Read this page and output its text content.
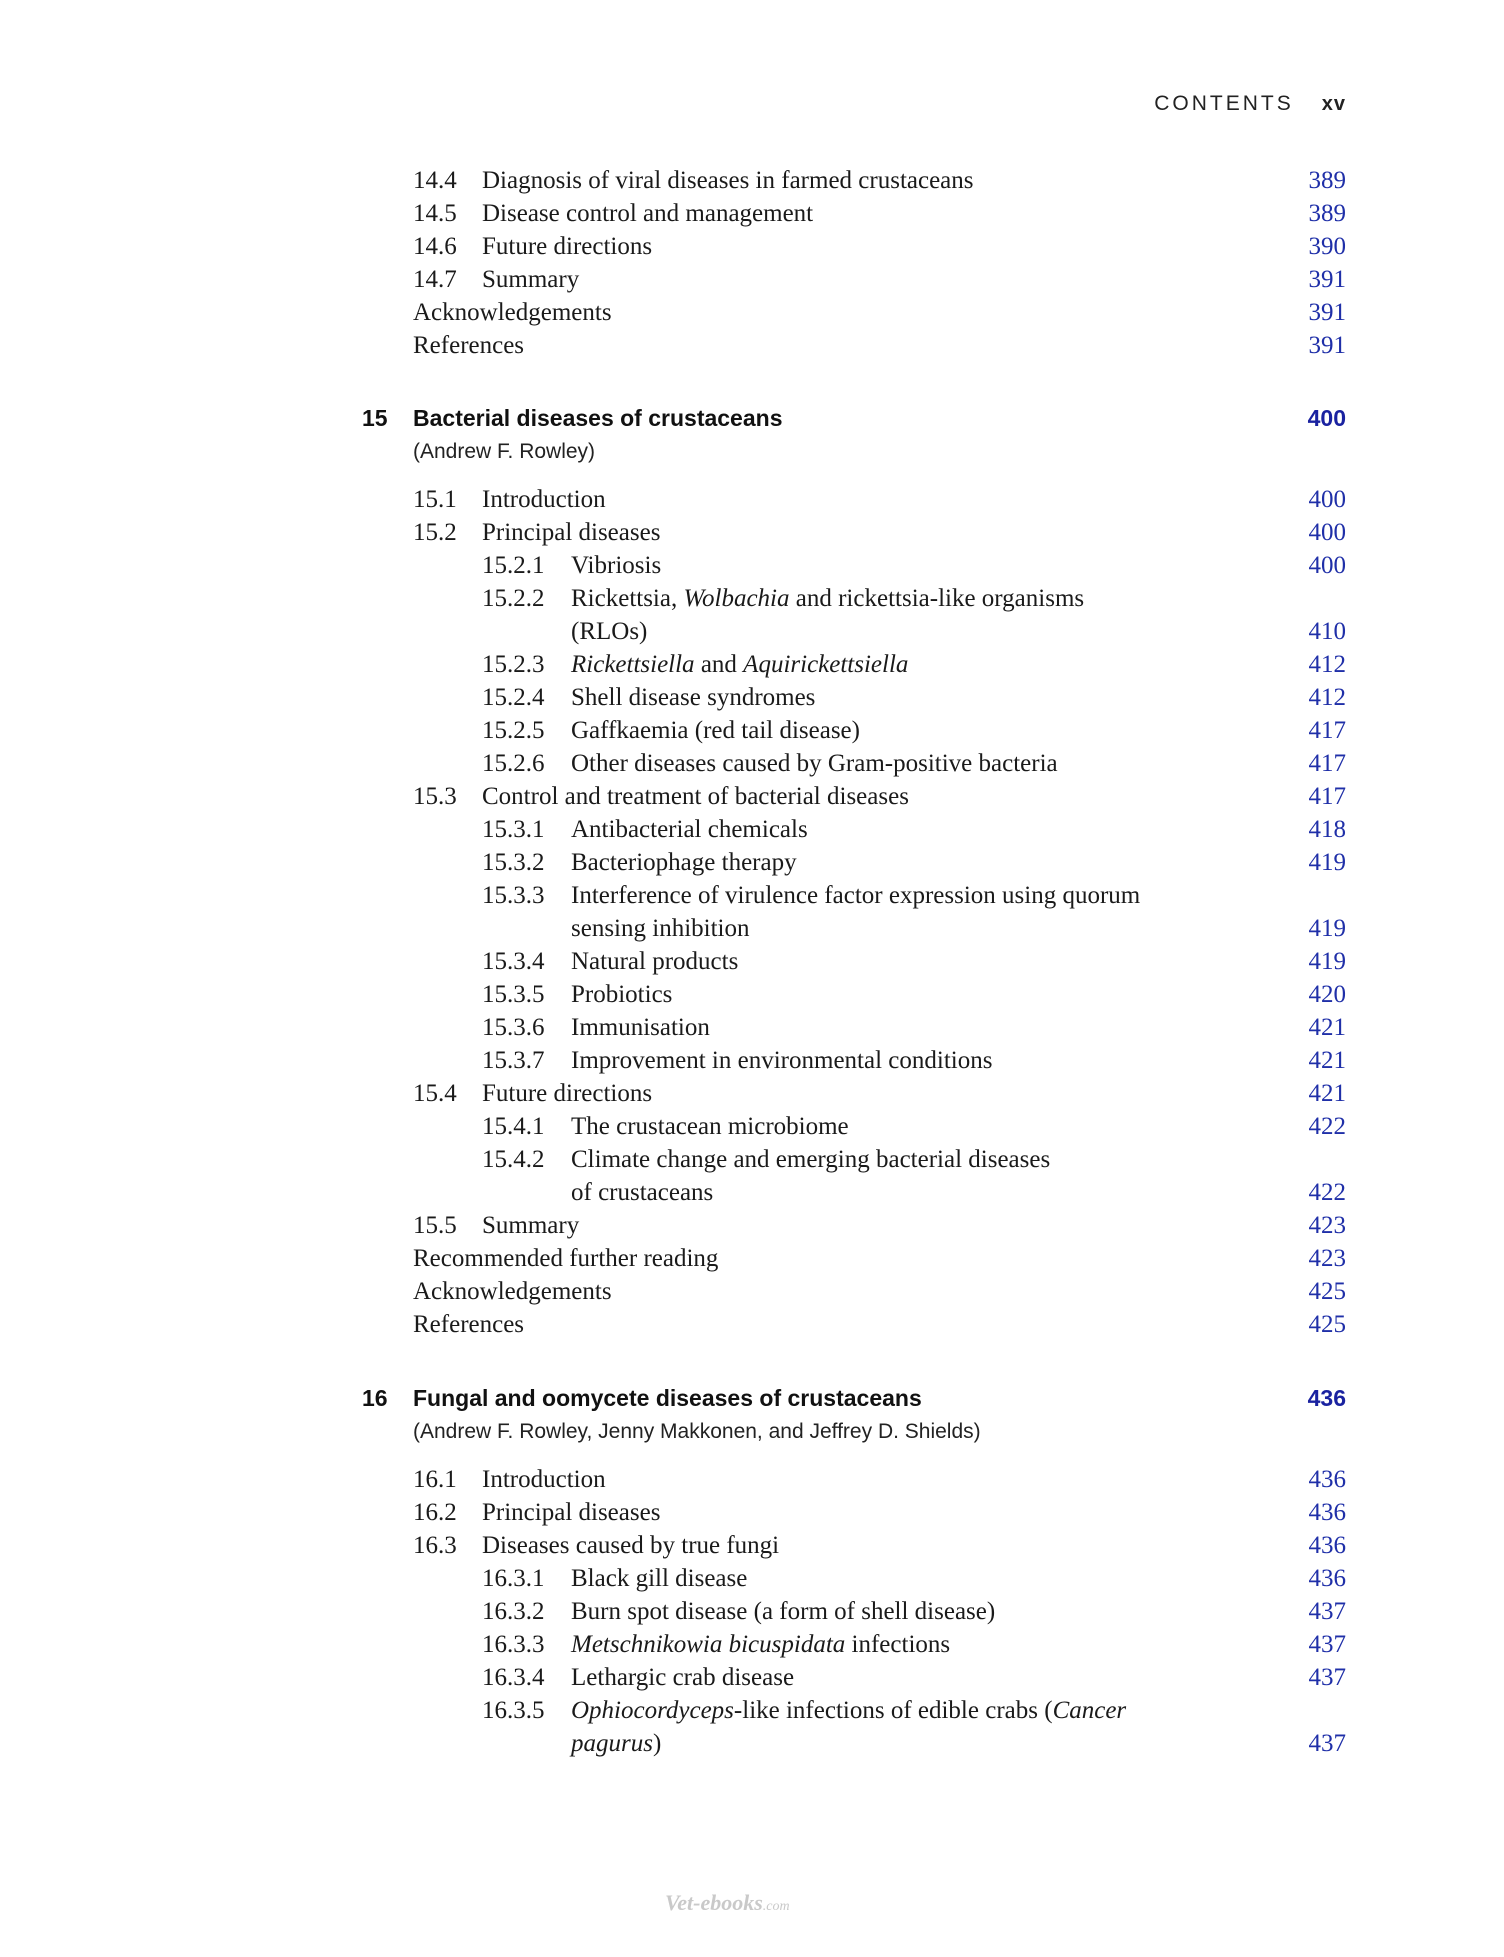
CONTENTS xv
15 Bacterial diseases of crustaceans	400
(Andrew F. Rowley)
16 Fungal and oomycete diseases of crustaceans	436
(Andrew F. Rowley, Jenny Makkonen, and Jeffrey D. Shields)
14.4 Diagnosis of viral diseases in farmed crustaceans	389
14.5 Disease control and management	389
14.6 Future directions	390
14.7 Summary	391
Acknowledgements	391
References	391
15.1 Introduction	400
15.2 Principal diseases	400
15.2.1 Vibriosis	400
15.2.2 Rickettsia, Wolbachia and rickettsia-like organisms
(RLOs)	410
15.2.3 Rickettsiella and Aquirickettsiella	412
15.2.4 Shell disease syndromes	412
15.2.5 Gaffkaemia (red tail disease)	417
15.2.6 Other diseases caused by Gram-positive bacteria	417
15.3 Control and treatment of bacterial diseases	417
15.3.1 Antibacterial chemicals	418
15.3.2 Bacteriophage therapy	419
15.3.3 Interference of virulence factor expression using quorum
sensing inhibition	419
15.3.4 Natural products	419
15.3.5 Probiotics	420
15.3.6 Immunisation	421
15.3.7 Improvement in environmental conditions	421
15.4 Future directions	421
15.4.1 The crustacean microbiome	422
15.4.2 Climate change and emerging bacterial diseases
of crustaceans	422
15.5 Summary	423
Recommended further reading	423
Acknowledgements	425
References	425
16.1 Introduction	436
16.2 Principal diseases	436
16.3 Diseases caused by true fungi	436
16.3.1 Black gill disease	436
16.3.2 Burn spot disease (a form of shell disease)	437
16.3.3 Metschnikowia bicuspidata infections	437
16.3.4 Lethargic crab disease	437
16.3.5 Ophiocordyceps-like infections of edible crabs (Cancer
pagurus)	437
Vet-ebooks.com
